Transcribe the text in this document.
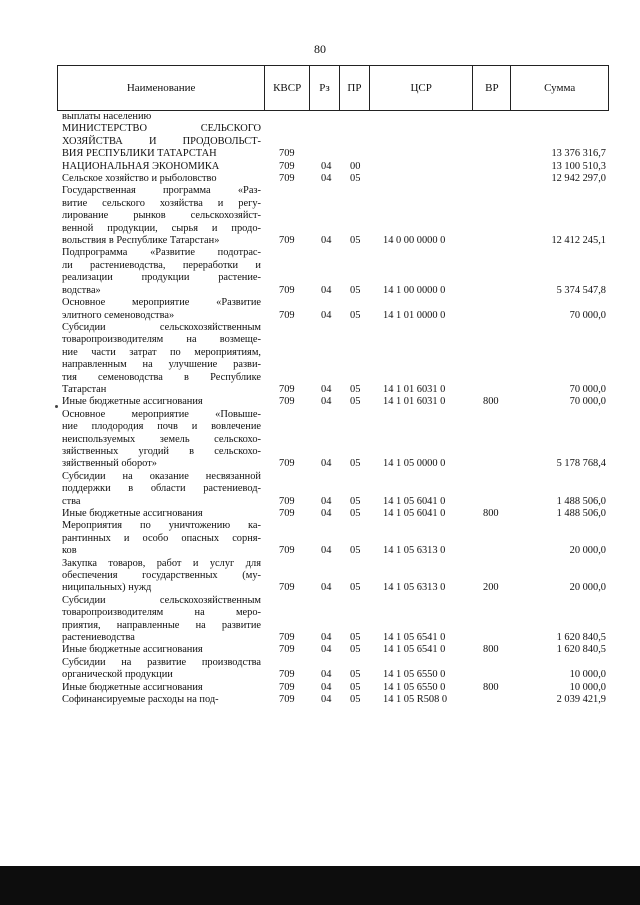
80
Наименование	КВСР	Рз	ПР	ЦСР	ВР	Сумма
выплаты населению
МИНИСТЕРСТВО СЕЛЬСКОГО
ХОЗЯЙСТВА И ПРОДОВОЛЬСТ-
ВИЯ РЕСПУБЛИКИ ТАТАРСТАН	709	13 376 316,7
НАЦИОНАЛЬНАЯ ЭКОНОМИКА	709	04 00	13 100 510,3
Сельское хозяйство и рыболовство	709	04 05	12 942 297,0
Государственная программа «Раз-
витие сельского хозяйства и регу-
лирование рынков сельскохозяйст-
венной продукции, сырья и продо-
вольствия в Республике Татарстан»	709	04 05 14 0 00 0000 0	12 412 245,1
Подпрограмма «Развитие подотрас-
ли растениеводства, переработки и
реализации продукции растение-
водства»	709	04 05 14 1 00 0000 0	5 374 547,8
Основное мероприятие «Развитие
элитного семеноводства»	709	04 05 14 1 01 0000 0	70 000,0
Субсидии сельскохозяйственным
товаропроизводителям на возмеще-
ние части затрат по мероприятиям,
направленным на улучшение разви-
тия семеноводства в Республике
Татарстан	709	04 05 14 1 01 6031 0	70 000,0
Иные бюджетные ассигнования	709	04 05 14 1 01 6031 0	800	70 000,0
Основное мероприятие «Повыше-
ние плодородия почв и вовлечение
неиспользуемых земель сельскохо-
зяйственных угодий в сельскохо-
зяйственный оборот»	709	04 05 14 1 05 0000 0	5 178 768,4
Субсидии на оказание несвязанной
поддержки в области растениевод-
ства	709	04 05 14 1 05 6041 0	1 488 506,0
Иные бюджетные ассигнования	709	04 05 14 1 05 6041 0	800	1 488 506,0
Мероприятия по уничтожению ка-
рантинных и особо опасных сорня-
ков	709	04 05 14 1 05 6313 0	20 000,0
Закупка товаров, работ и услуг для
обеспечения государственных (му-
ниципальных) нужд	709	04 05 14 1 05 6313 0	200	20 000,0
Субсидии сельскохозяйственным
товаропроизводителям на меро-
приятия, направленные на развитие
растениеводства	709	04 05 14 1 05 6541 0	1 620 840,5
Иные бюджетные ассигнования	709	04 05 14 1 05 6541 0	800	1 620 840,5
Субсидии на развитие производства
органической продукции	709	04 05 14 1 05 6550 0	10 000,0
Иные бюджетные ассигнования	709	04 05 14 1 05 6550 0	800	10 000,0
Софинансируемые расходы на под-	709	04 05 14 1 05 R508 0	2 039 421,9
